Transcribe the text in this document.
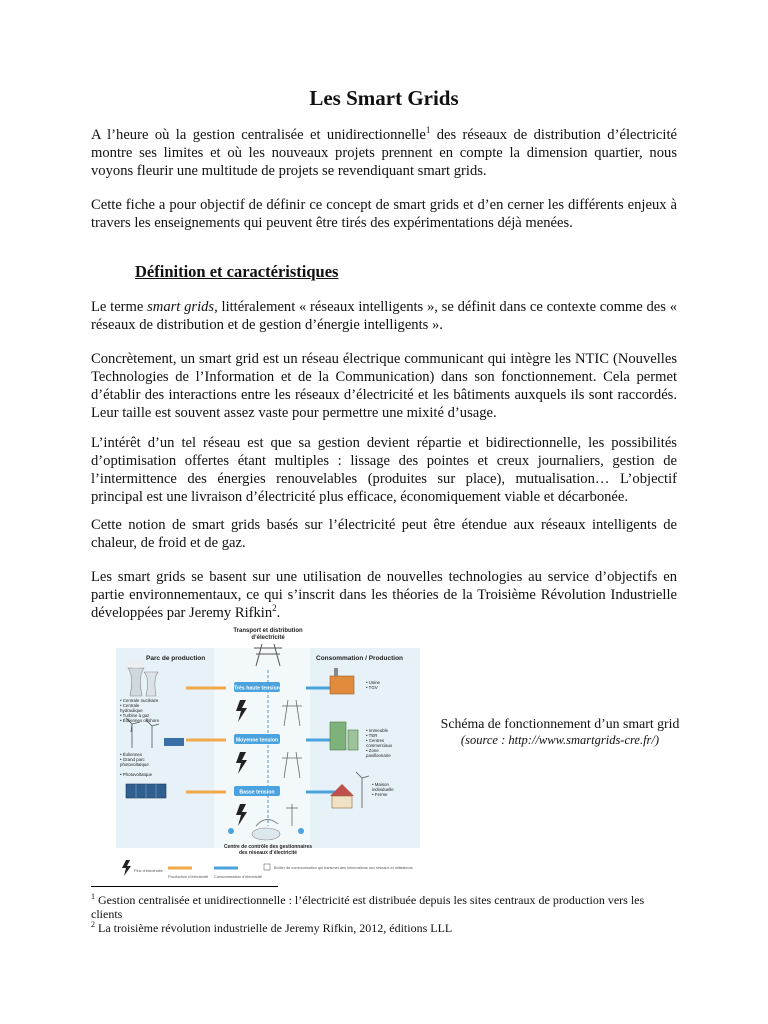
Les Smart Grids

A l’heure où la gestion centralisée et unidirectionnelle$^1$ des réseaux de distribution d’électricité montre ses limites et où les nouveaux projets prennent en compte la dimension quartier, nous voyons fleurir une multitude de projets se revendiquant smart grids.

Cette fiche a pour objectif de définir ce concept de smart grids et d’en cerner les différents enjeux à travers les enseignements qui peuvent être tirés des expérimentations déjà menées.

Définition et caractéristiques

Le terme smart grids, littéralement « réseaux intelligents », se définit dans ce contexte comme des « réseaux de distribution et de gestion d’énergie intelligents ».

Concrètement, un smart grid est un réseau électrique communicant qui intègre les NTIC (Nouvelles Technologies de l’Information et de la Communication) dans son fonctionnement. Cela permet d’établir des interactions entre les réseaux d’électricité et les bâtiments auxquels ils sont raccordés. Leur taille est souvent assez vaste pour permettre une mixité d’usage.

L’intérêt d’un tel réseau est que sa gestion devient répartie et bidirectionnelle, les possibilités d’optimisation offertes étant multiples : lissage des pointes et creux journaliers, gestion de l’intermittence des énergies renouvelables (produites sur place), mutualisation… L’objectif principal est une livraison d’électricité plus efficace, économiquement viable et décarbonée.

Cette notion de smart grids basés sur l’électricité peut être étendue aux réseaux intelligents de chaleur, de froid et de gaz.

Les smart grids se basent sur une utilisation de nouvelles technologies au service d’objectifs en partie environnementaux, ce qui s’inscrit dans les théories de la Troisième Révolution Industrielle développées par Jeremy Rifkin$^2$.

Transport et distribution
d’électricité
Parc de production	Consommation / Production
Très haute tension
Moyenne tension
Basse tension
• Centrale nucléaire
• Centrale
hydraulique
• Turbine à gaz
• Éoliennes offshore
• Éoliennes
• Grand parc
photovoltaïque
• Photovoltaïque
• Usine
• TGV
• Immeuble
• TER
• Centres
commerciaux
• Zone
pavillonnaire
• Maison
individuelle
• Ferme
Centre de contrôle des gestionnaires
des réseaux d’électricité
Flux d’électricité
Production d’électricité Consommation d’électricité
Boîtier de communication qui transmet des informations aux réseaux et utilisateurs
Schéma de fonctionnement d’un smart grid
(source : http://www.smartgrids-cre.fr/)

$^1$ Gestion centralisée et unidirectionnelle : l’électricité est distribuée depuis les sites centraux de production vers les clients

$^2$ La troisième révolution industrielle de Jeremy Rifkin, 2012, éditions LLL
